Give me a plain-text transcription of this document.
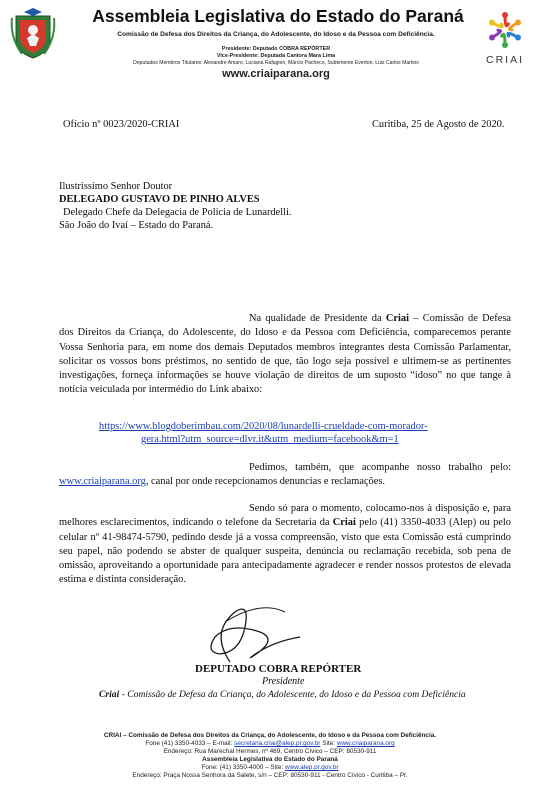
Assembleia Legislativa do Estado do Paraná
Comissão de Defesa dos Direitos da Criança, do Adolescente, do Idoso e da Pessoa com Deficiência.
Presidente: Deputado COBRA REPÓRTER
Vice-Presidente: Deputada Cantora Mara Lima
Deputados Membros Titulares: Alexandre Amaro, Luciana Rafagnin, Márcio Pacheco, Subtenente Everton, Luiz Carlos Martins
www.criaiparana.org
CRIAI
Ofício nº 0023/2020-CRIAI	Curitiba, 25 de Agosto de 2020.
Ilustríssimo Senhor Doutor
DELEGADO GUSTAVO DE PINHO ALVES
Delegado Chefe da Delegacia de Polícia de Lunardelli.
São João do Ivaí – Estado do Paraná.
Na qualidade de Presidente da Criai – Comissão de Defesa dos Direitos da Criança, do Adolescente, do Idoso e da Pessoa com Deficiência, comparecemos perante Vossa Senhoria para, em nome dos demais Deputados membros integrantes desta Comissão Parlamentar, solicitar os vossos bons préstimos, no sentido de que, tão logo seja possível e ultimem-se as pertinentes investigações, forneça informações se houve violação de direitos de um suposto “idoso” no que tange à notícia veiculada por intermédio do Link abaixo:
https://www.blogdoberimbau.com/2020/08/lunardelli-crueldade-com-morador-
gera.html?utm_source=dlvr.it&utm_medium=facebook&m=1
Pedimos, também, que acompanhe nosso trabalho pelo: www.criaiparana.org, canal por onde recepcionamos denuncias e reclamações.
Sendo só para o momento, colocamo-nos à disposição e, para melhores esclarecimentos, indicando o telefone da Secretaria da Criai pelo (41) 3350-4033 (Alep) ou pelo celular nº 41-98474-5790, pedindo desde já a vossa compreensão, visto que esta Comissão está cumprindo seu papel, não podendo se abster de qualquer suspeita, denúncia ou reclamação recebida, sob pena de omissão, aproveitando a oportunidade para antecipadamente agradecer e render nossos protestos de elevada estima e distinta consideração.
DEPUTADO COBRA REPÓRTER
Presidente
Criai - Comissão de Defesa da Criança, do Adolescente, do Idoso e da Pessoa com Deficiência
CRIAI – Comissão de Defesa dos Direitos da Criança, do Adolescente, do Idoso e da Pessoa com Deficiência.
Fone (41) 3350-4033 – E-mail: secretaria.criai@alep.pr.gov.br Site: www.criaiparana.org
Endereço: Rua Marechal Hermes, nº 469, Centro Cívico – CEP: 80530-911
Assembleia Legislativa do Estado do Paraná
Fone: (41) 3350-4000 – Site: www.alep.pr.gov.br
Endereço: Praça Nossa Senhora da Salete, s/n – CEP: 80530-911 - Centro Cívico - Curitiba – Pr.
